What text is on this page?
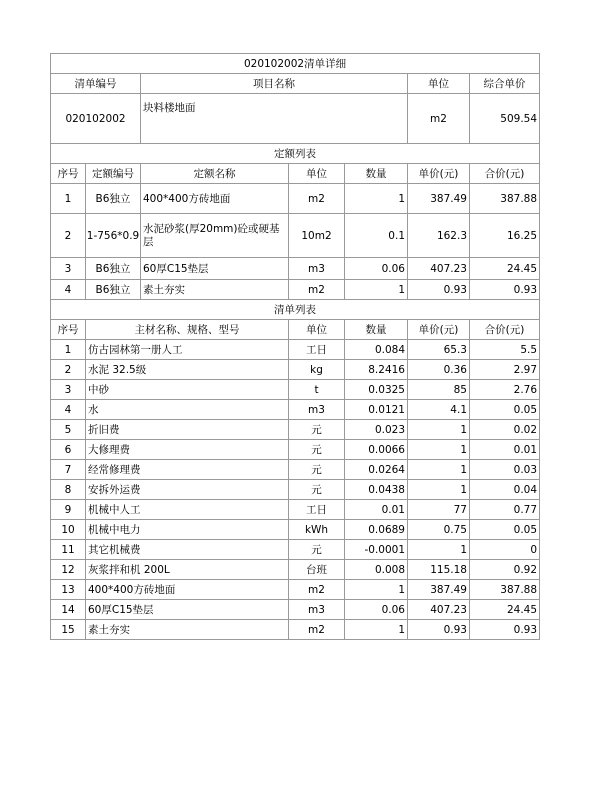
020102002清单详细						
清单编号		项目名称			单位	综合单价
020102002		块料楼地面			m2	509.54
定额列表						
序号	定额编号	定额名称	单位	数量	单价(元)	合价(元)
1	B6独立	400*400方砖地面	m2	1	387.49	387.88
2	1-756*0.9	水泥砂浆(厚20mm)砼或硬基层	10m2	0.1	162.3	16.25
3	B6独立	60厚C15垫层	m3	0.06	407.23	24.45
4	B6独立	素土夯实	m2	1	0.93	0.93
清单列表						
序号	主材名称、规格、型号		单位	数量	单价(元)	合价(元)
1	仿古园林第一册人工		工日	0.084	65.3	5.5
2	水泥 32.5级		kg	8.2416	0.36	2.97
3	中砂		t	0.0325	85	2.76
4	水		m3	0.0121	4.1	0.05
5	折旧费		元	0.023	1	0.02
6	大修理费		元	0.0066	1	0.01
7	经常修理费		元	0.0264	1	0.03
8	安拆外运费		元	0.0438	1	0.04
9	机械中人工		工日	0.01	77	0.77
10	机械中电力		kWh	0.0689	0.75	0.05
11	其它机械费		元	-0.0001	1	0
12	灰浆拌和机 200L		台班	0.008	115.18	0.92
13	400*400方砖地面		m2	1	387.49	387.88
14	60厚C15垫层		m3	0.06	407.23	24.45
15	素土夯实		m2	1	0.93	0.93
